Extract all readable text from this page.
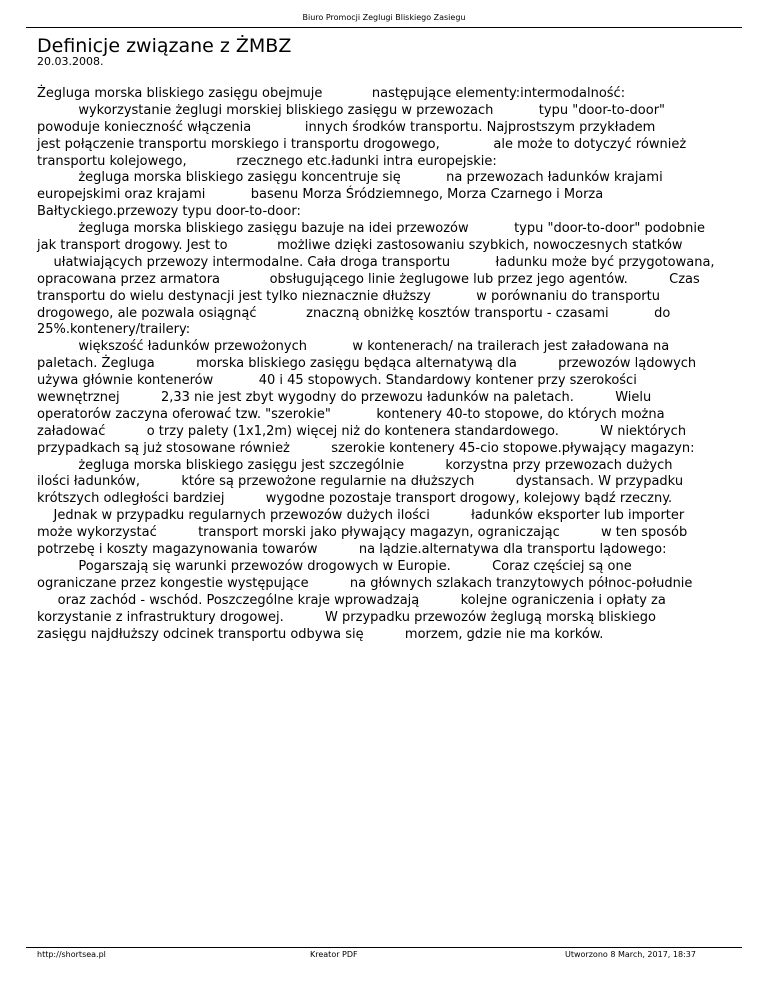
Biuro Promocji Zeglugi Bliskiego Zasiegu
Definicje związane z ŻMBZ
20.03.2008.
Żegluga morska bliskiego zasięgu obejmuje            następujące elementy:intermodalność:
wykorzystanie żeglugi morskiej bliskiego zasięgu w przewozach           typu "door-to-door"
powoduje konieczność włączenia             innych środków transportu. Najprostszym przykładem
jest połączenie transportu morskiego i transportu drogowego,             ale może to dotyczyć również
transportu kolejowego,            rzecznego etc.ładunki intra europejskie:
żegluga morska bliskiego zasięgu koncentruje się           na przewozach ładunków krajami
europejskimi oraz krajami           basenu Morza Śródziemnego, Morza Czarnego i Morza
Bałtyckiego.przewozy typu door-to-door:
żegluga morska bliskiego zasięgu bazuje na idei przewozów           typu "door-to-door" podobnie
jak transport drogowy. Jest to            możliwe dzięki zastosowaniu szybkich, nowoczesnych statków
ułatwiających przewozy intermodalne. Cała droga transportu           ładunku może być przygotowana,
opracowana przez armatora            obsługującego linie żeglugowe lub przez jego agentów.          Czas
transportu do wielu destynacji jest tylko nieznacznie dłuższy           w porównaniu do transportu
drogowego, ale pozwala osiągnąć            znaczną obniżkę kosztów transportu - czasami           do
25%.kontenery/trailery:
większość ładunków przewożonych           w kontenerach/ na trailerach jest załadowana na
paletach. Żegluga          morska bliskiego zasięgu będąca alternatywą dla          przewozów lądowych
używa głównie kontenerów           40 i 45 stopowych. Standardowy kontener przy szerokości
wewnętrznej          2,33 nie jest zbyt wygodny do przewozu ładunków na paletach.          Wielu
operatorów zaczyna oferować tzw. "szerokie"           kontenery 40-to stopowe, do których można
załadować          o trzy palety (1x1,2m) więcej niż do kontenera standardowego.          W niektórych
przypadkach są już stosowane również          szerokie kontenery 45-cio stopowe.pływający magazyn:
żegluga morska bliskiego zasięgu jest szczególnie          korzystna przy przewozach dużych
ilości ładunków,          które są przewożone regularnie na dłuższych          dystansach. W przypadku
krótszych odległości bardziej          wygodne pozostaje transport drogowy, kolejowy bądź rzeczny.
Jednak w przypadku regularnych przewozów dużych ilości          ładunków eksporter lub importer
może wykorzystać          transport morski jako pływający magazyn, ograniczając          w ten sposób
potrzebę i koszty magazynowania towarów          na lądzie.alternatywa dla transportu lądowego:
Pogarszają się warunki przewozów drogowych w Europie.          Coraz częściej są one
ograniczane przez kongestie występujące          na głównych szlakach tranzytowych północ-południe
oraz zachód - wschód. Poszczególne kraje wprowadzają          kolejne ograniczenia i opłaty za
korzystanie z infrastruktury drogowej.          W przypadku przewozów żeglugą morską bliskiego
zasięgu najdłuższy odcinek transportu odbywa się          morzem, gdzie nie ma korków.
http://shortsea.pl	Kreator PDF	Utworzono 8 March, 2017, 18:37
